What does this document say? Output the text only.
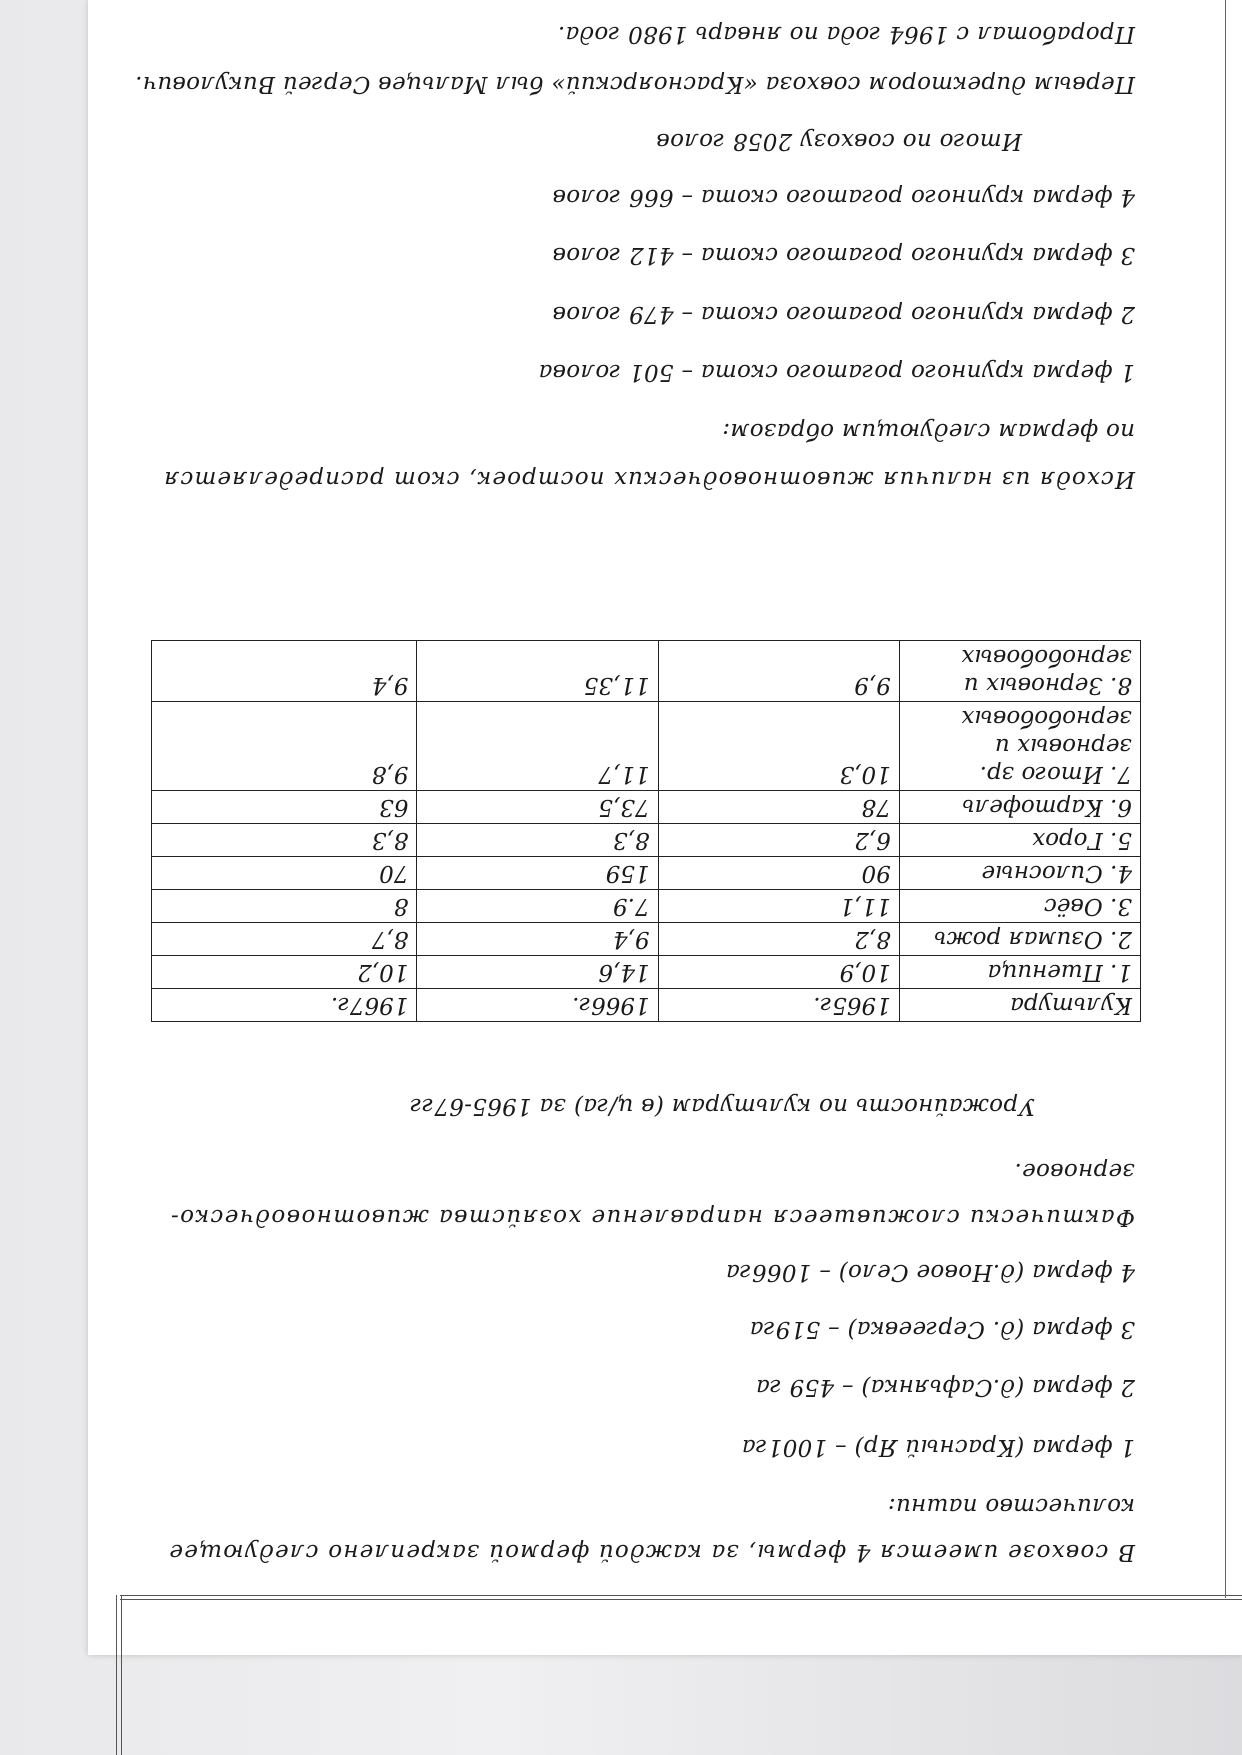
В совхозе имеется 4 фермы, за каждой фермой закреплено следующее
количество пашни:
1 ферма (Красный Яр) – 1001га
2 ферма (д.Сафьянка) – 459 га
3 ферма (д. Сергеевка) – 519га
4 ферма (д.Новое Село) – 1066га
Фактически сложившееся направление хозяйства животноводческо-
зерновое.
Урожайность по культурам (в ц/га) за 1965-67гг
Культура	1965г.	1966г.	1967г.
1. Пшеница	10,9	14,6	10,2
2. Озимая рожь	8,2	9,4	8,7
3. Овёс	11,1	7.9	8
4. Силосные	90	159	70
5. Горох	6,2	8,3	8,3
6. Картофель	78	73,5	63
7. Итого зр. зерновых и зернобобовых	10,3	11,7	9,8
8. Зерновых и зернобобовых	9,9	11,35	9,4
Исходя из наличия животноводческих построек, скот распределяется
по фермам следующим образом:
1 ферма крупного рогатого скота – 501 голова
2 ферма крупного рогатого скота – 479 голов
3 ферма крупного рогатого скота – 412 голов
4 ферма крупного рогатого скота – 666 голов
Итого по совхозу 2058 голов
Первым директором совхоза «Красноярский» был Мальцев Сергей Викулович.
Проработал с 1964 года по январь 1980 года.
